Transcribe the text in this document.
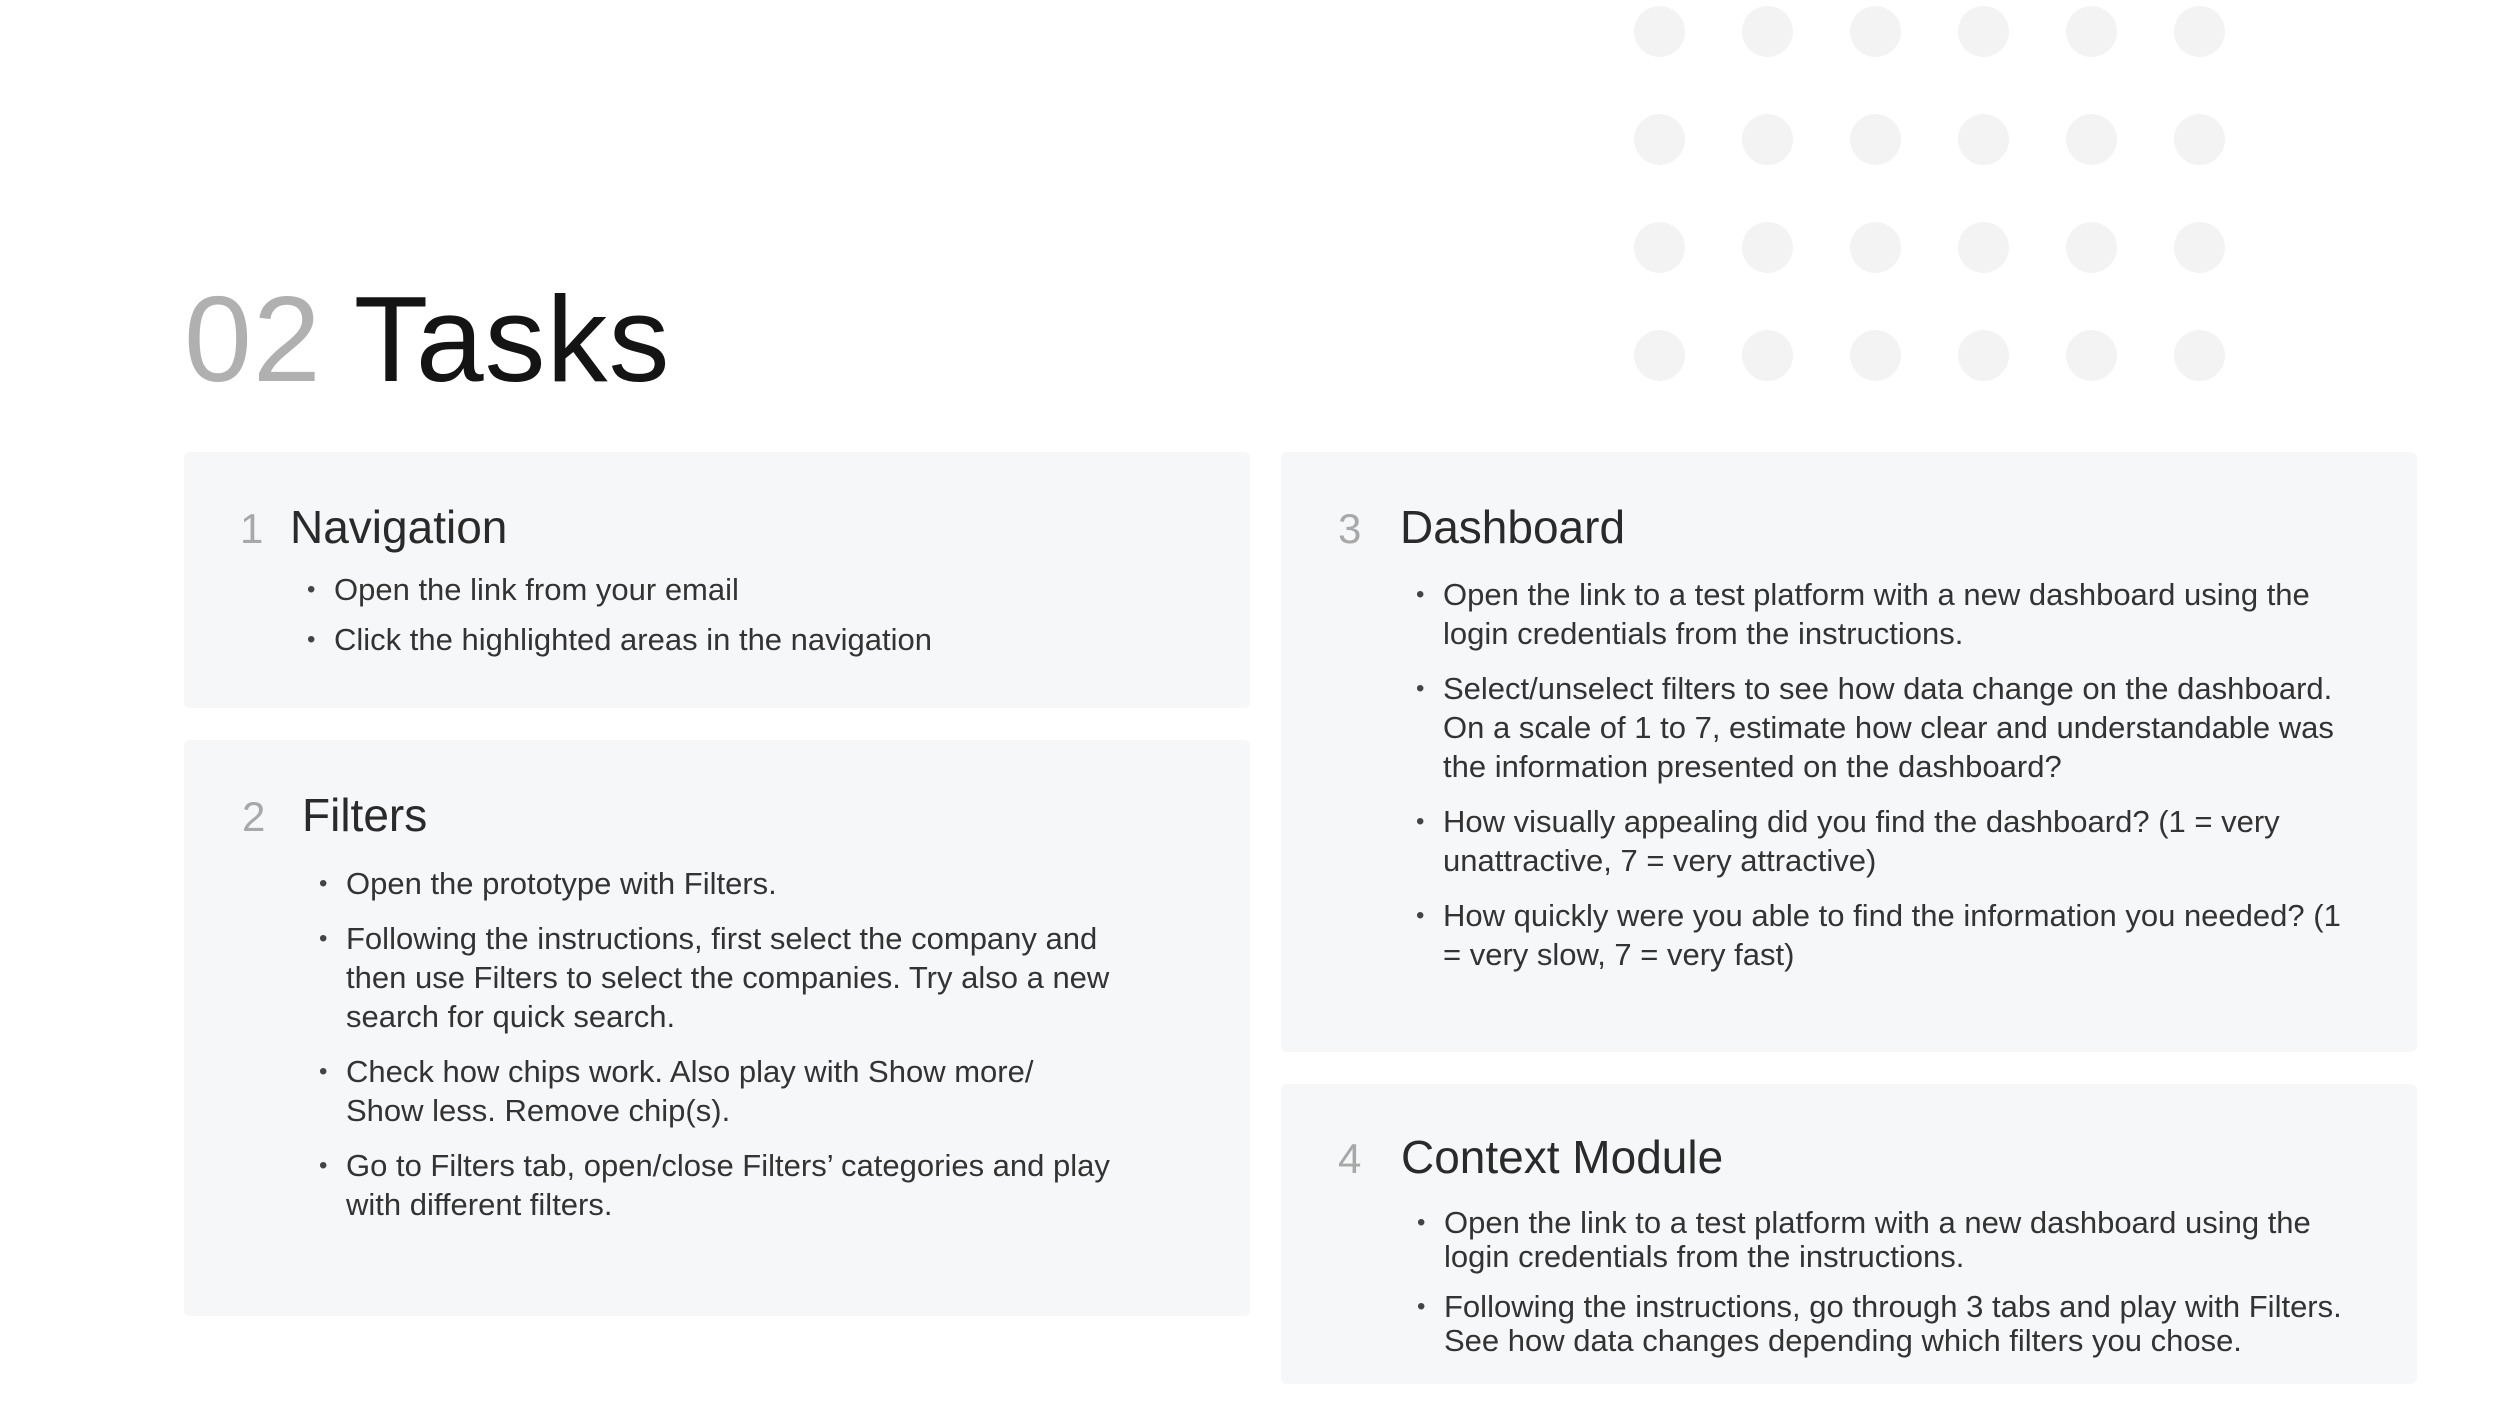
02 Tasks
1 Navigation
• Open the link from your email
• Click the highlighted areas in the navigation
2 Filters
• Open the prototype with Filters.
• Following the instructions, first select the company and then use Filters to select the companies. Try also a new search for quick search.
• Check how chips work. Also play with Show more/ Show less. Remove chip(s).
• Go to Filters tab, open/close Filters’ categories and play with different filters.
3 Dashboard
• Open the link to a test platform with a new dashboard using the login credentials from the instructions.
• Select/unselect filters to see how data change on the dashboard. On a scale of 1 to 7, estimate how clear and understandable was the information presented on the dashboard?
• How visually appealing did you find the dashboard? (1 = very unattractive, 7 = very attractive)
• How quickly were you able to find the information you needed? (1 = very slow, 7 = very fast)
4 Context Module
• Open the link to a test platform with a new dashboard using the login credentials from the instructions.
• Following the instructions, go through 3 tabs and play with Filters. See how data changes depending which filters you chose.
